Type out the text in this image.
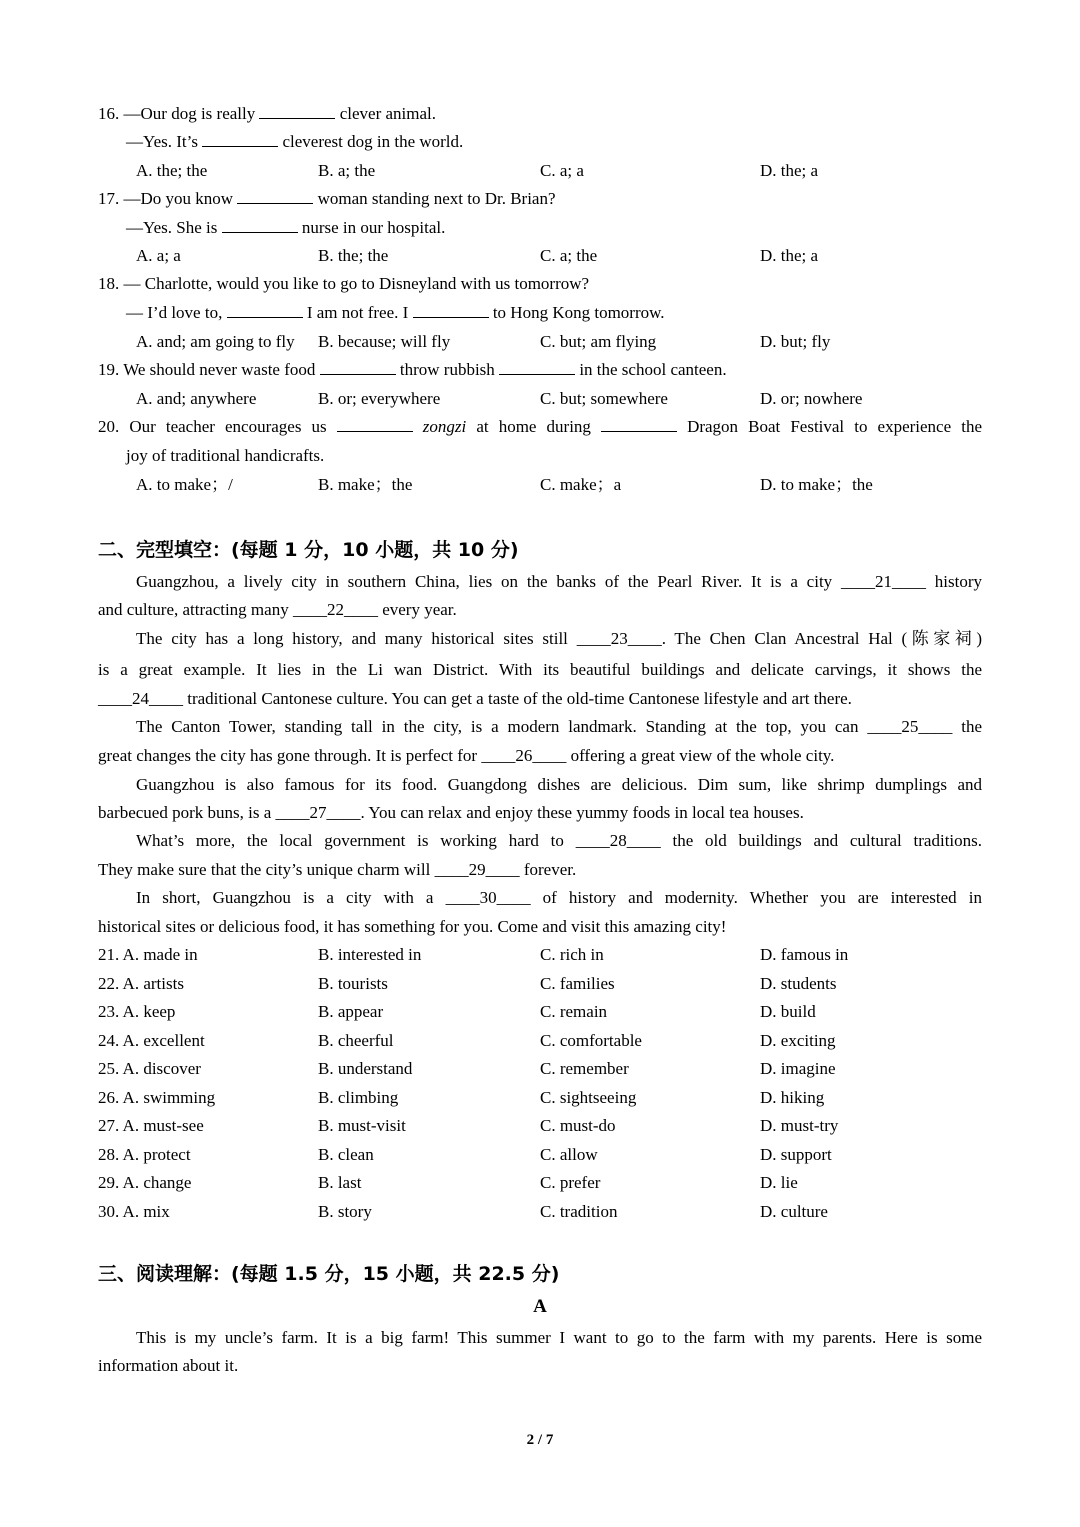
16. —Our dog is really	clever animal.
—Yes. It’s	cleverest dog in the world.
A. the; the	B. a; the	C. a; a	D. the; a
17. —Do you know	woman standing next to Dr. Brian?
—Yes. She is	nurse in our hospital.
A. a; a	B. the; the	C. a; the	D. the; a
18. — Charlotte, would you like to go to Disneyland with us tomorrow?
— I’d love to,	I am not free. I	to Hong Kong tomorrow.
A. and; am going to fly B. because; will fly	C. but; am flying	D. but; fly
19. We should never waste food	throw rubbish	in the school canteen.
A. and; anywhere	B. or; everywhere	C. but; somewhere	D. or; nowhere
20. Our teacher encourages us	zongzi at home during	Dragon Boat Festival to experience the
joy of traditional handicrafts.
A. to make；/	B. make；the	C. make；a	D. to make；the
二、完型填空：(每题 1 分，10 小题，共 10 分)
Guangzhou, a lively city in southern China, lies on the banks of the Pearl River. It is a city ____21____ history
and culture, attracting many ____22____ every year.
The city has a long history, and many historical sites still ____23____. The Chen Clan Ancestral Hal (陈家祠)
is a great example. It lies in the Li wan District. With its beautiful buildings and delicate carvings, it shows the
____24____ traditional Cantonese culture. You can get a taste of the old-time Cantonese lifestyle and art there.
The Canton Tower, standing tall in the city, is a modern landmark. Standing at the top, you can ____25____ the
great changes the city has gone through. It is perfect for ____26____ offering a great view of the whole city.
Guangzhou is also famous for its food. Guangdong dishes are delicious. Dim sum, like shrimp dumplings and
barbecued pork buns, is a ____27____. You can relax and enjoy these yummy foods in local tea houses.
What’s more, the local government is working hard to ____28____ the old buildings and cultural traditions.
They make sure that the city’s unique charm will ____29____ forever.
In short, Guangzhou is a city with a ____30____ of history and modernity. Whether you are interested in
historical sites or delicious food, it has something for you. Come and visit this amazing city!
21. A. made in	B. interested in	C. rich in	D. famous in
22. A. artists	B. tourists	C. families	D. students
23. A. keep	B. appear	C. remain	D. build
24. A. excellent	B. cheerful	C. comfortable	D. exciting
25. A. discover	B. understand	C. remember	D. imagine
26. A. swimming	B. climbing	C. sightseeing	D. hiking
27. A. must-see	B. must-visit	C. must-do	D. must-try
28. A. protect	B. clean	C. allow	D. support
29. A. change	B. last	C. prefer	D. lie
30. A. mix	B. story	C. tradition	D. culture
三、阅读理解：(每题 1.5 分，15 小题，共 22.5 分)
A
This is my uncle’s farm. It is a big farm! This summer I want to go to the farm with my parents. Here is some
information about it.
2 / 7
